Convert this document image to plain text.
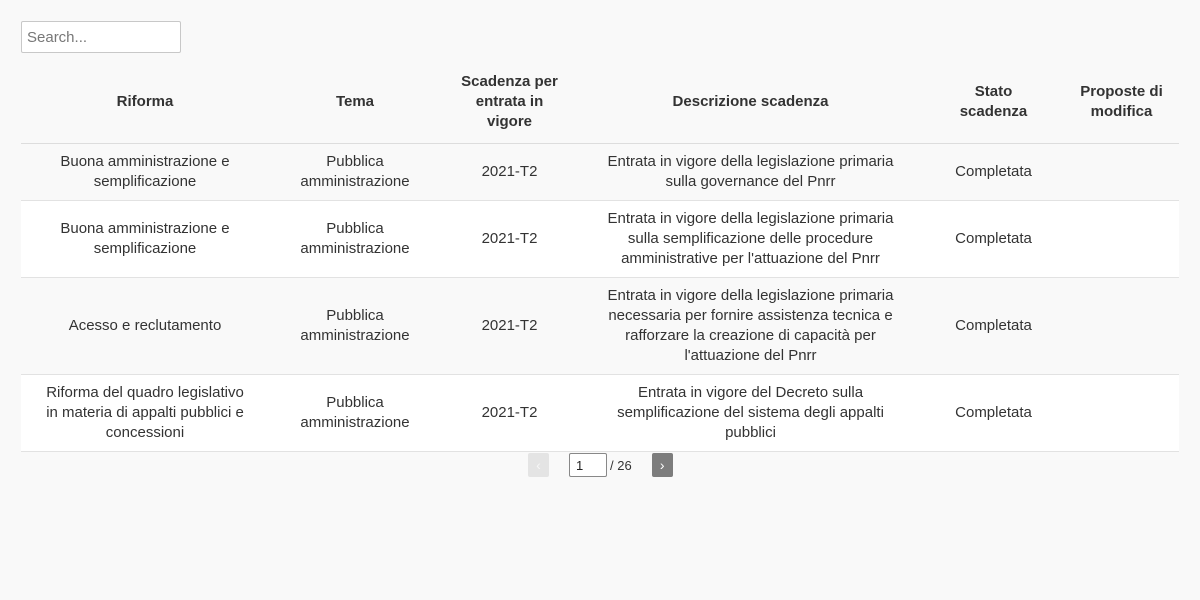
Search...
Riforma	Tema	Scadenza per entrata in vigore	Descrizione scadenza	Stato scadenza	Proposte di modifica
Buona amministrazione e semplificazione	Pubblica amministrazione	2021-T2	Entrata in vigore della legislazione primaria sulla governance del Pnrr	Completata	
Buona amministrazione e semplificazione	Pubblica amministrazione	2021-T2	Entrata in vigore della legislazione primaria sulla semplificazione delle procedure amministrative per l'attuazione del Pnrr	Completata	
Acesso e reclutamento	Pubblica amministrazione	2021-T2	Entrata in vigore della legislazione primaria necessaria per fornire assistenza tecnica e rafforzare la creazione di capacità per l'attuazione del Pnrr	Completata	
Riforma del quadro legislativo in materia di appalti pubblici e concessioni	Pubblica amministrazione	2021-T2	Entrata in vigore del Decreto sulla semplificazione del sistema degli appalti pubblici	Completata	
‹
1	/ 26 ›
